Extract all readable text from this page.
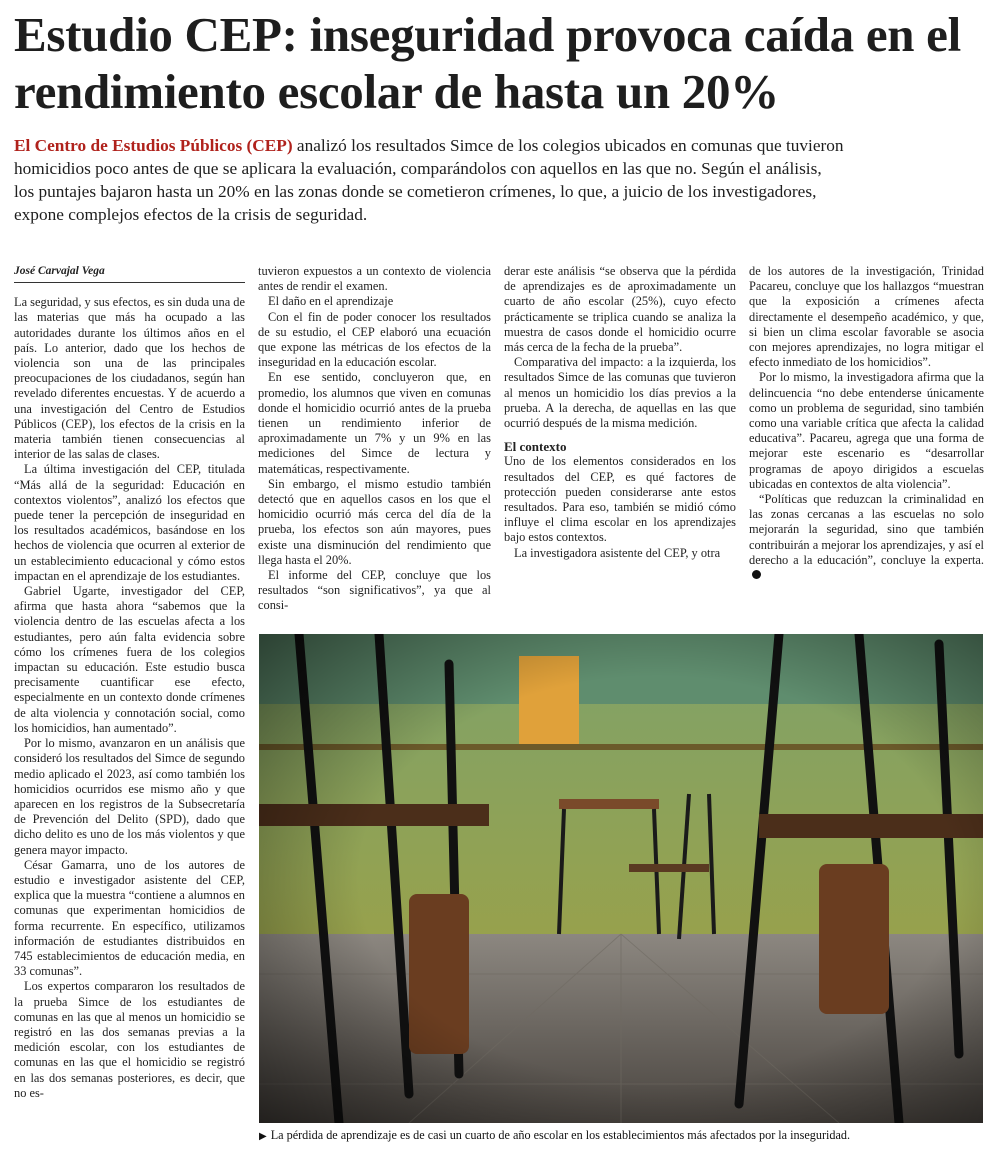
Estudio CEP: inseguridad provoca caída en el rendimiento escolar de hasta un 20%

El Centro de Estudios Públicos (CEP) analizó los resultados Simce de los colegios ubicados en comunas que tuvieron homicidios poco antes de que se aplicara la evaluación, comparándolos con aquellos en las que no. Según el análisis, los puntajes bajaron hasta un 20% en las zonas donde se cometieron crímenes, lo que, a juicio de los investigadores, expone complejos efectos de la crisis de seguridad.

José Carvajal Vega

La seguridad, y sus efectos, es sin duda una de las materias que más ha ocupado a las autoridades durante los últimos años en el país. Lo anterior, dado que los hechos de violencia son una de las principales preocupaciones de los ciudadanos, según han revelado diferentes encuestas. Y de acuerdo a una investigación del Centro de Estudios Públicos (CEP), los efectos de la crisis en la materia también tienen consecuencias al interior de las salas de clases.

La última investigación del CEP, titulada “Más allá de la seguridad: Educación en contextos violentos”, analizó los efectos que puede tener la percepción de inseguridad en los resultados académicos, basándose en los hechos de violencia que ocurren al exterior de un establecimiento educacional y cómo estos impactan en el aprendizaje de los estudiantes.

Gabriel Ugarte, investigador del CEP, afirma que hasta ahora “sabemos que la violencia dentro de las escuelas afecta a los estudiantes, pero aún falta evidencia sobre cómo los crímenes fuera de los colegios impactan su educación. Este estudio busca precisamente cuantificar ese efecto, especialmente en un contexto donde crímenes de alta violencia y connotación social, como los homicidios, han aumentado”.

Por lo mismo, avanzaron en un análisis que consideró los resultados del Simce de segundo medio aplicado el 2023, así como también los homicidios ocurridos ese mismo año y que aparecen en los registros de la Subsecretaría de Prevención del Delito (SPD), dado que dicho delito es uno de los más violentos y que genera mayor impacto.

César Gamarra, uno de los autores de estudio e investigador asistente del CEP, explica que la muestra “contiene a alumnos en comunas que experimentan homicidios de forma recurrente. En específico, utilizamos información de estudiantes distribuidos en 745 establecimientos de educación media, en 33 comunas”.

Los expertos compararon los resultados de la prueba Simce de los estudiantes de comunas en las que al menos un homicidio se registró en las dos semanas previas a la medición escolar, con los estudiantes de comunas en las que el homicidio se registró en las dos semanas posteriores, es decir, que no es-

tuvieron expuestos a un contexto de violencia antes de rendir el examen.

El daño en el aprendizaje

Con el fin de poder conocer los resultados de su estudio, el CEP elaboró una ecuación que expone las métricas de los efectos de la inseguridad en la educación escolar.

En ese sentido, concluyeron que, en promedio, los alumnos que viven en comunas donde el homicidio ocurrió antes de la prueba tienen un rendimiento inferior de aproximadamente un 7% y un 9% en las mediciones del Simce de lectura y matemáticas, respectivamente.

Sin embargo, el mismo estudio también detectó que en aquellos casos en los que el homicidio ocurrió más cerca del día de la prueba, los efectos son aún mayores, pues existe una disminución del rendimiento que llega hasta el 20%.

El informe del CEP, concluye que los resultados “son significativos”, ya que al consi-

derar este análisis “se observa que la pérdida de aprendizajes es de aproximadamente un cuarto de año escolar (25%), cuyo efecto prácticamente se triplica cuando se analiza la muestra de casos donde el homicidio ocurre más cerca de la fecha de la prueba”.

Comparativa del impacto: a la izquierda, los resultados Simce de las comunas que tuvieron al menos un homicidio los días previos a la prueba. A la derecha, de aquellas en las que ocurrió después de la misma medición.

El contexto

Uno de los elementos considerados en los resultados del CEP, es qué factores de protección pueden considerarse ante estos resultados. Para eso, también se midió cómo influye el clima escolar en los aprendizajes bajo estos contextos.

La investigadora asistente del CEP, y otra

de los autores de la investigación, Trinidad Pacareu, concluye que los hallazgos “muestran que la exposición a crímenes afecta directamente el desempeño académico, y que, si bien un clima escolar favorable se asocia con mejores aprendizajes, no logra mitigar el efecto inmediato de los homicidios”.

Por lo mismo, la investigadora afirma que la delincuencia “no debe entenderse únicamente como un problema de seguridad, sino también como una variable crítica que afecta la calidad educativa”. Pacareu, agrega que una forma de mejorar este escenario es “desarrollar programas de apoyo dirigidos a escuelas ubicadas en contextos de alta violencia”.

“Políticas que reduzcan la criminalidad en las zonas cercanas a las escuelas no solo mejorarán la seguridad, sino que también contribuirán a mejorar los aprendizajes, y así el derecho a la educación”, concluye la experta.

▶ La pérdida de aprendizaje es de casi un cuarto de año escolar en los establecimientos más afectados por la inseguridad.
